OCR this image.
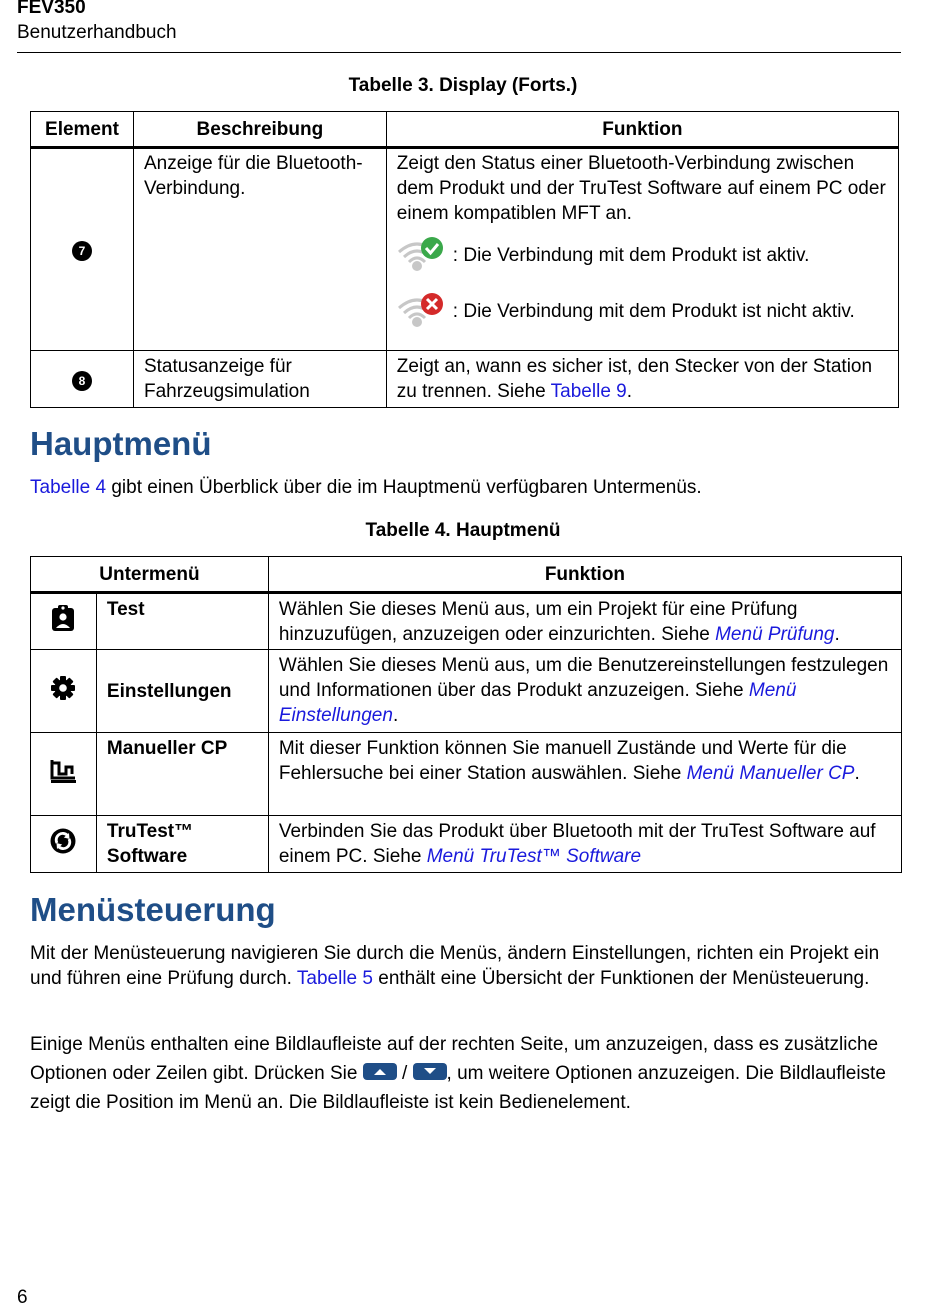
FEV350
Benutzerhandbuch
Tabelle 3. Display (Forts.)
Element	Beschreibung	Funktion
7	Anzeige für die Bluetooth-Verbindung.	Zeigt den Status einer Bluetooth-Verbindung zwischen dem Produkt und der TruTest Software auf einem PC oder einem kompatiblen MFT an.
: Die Verbindung mit dem Produkt ist aktiv.
: Die Verbindung mit dem Produkt ist nicht aktiv.

8	Statusanzeige für Fahrzeugsimulation	Zeigt an, wann es sicher ist, den Stecker von der Station zu trennen. Siehe Tabelle 9.
Hauptmenü

Tabelle 4 gibt einen Überblick über die im Hauptmenü verfügbaren Untermenüs.

Tabelle 4. Hauptmenü
Untermenü		Funktion
	Test	Wählen Sie dieses Menü aus, um ein Projekt für eine Prüfung hinzuzufügen, anzuzeigen oder einzurichten. Siehe Menü Prüfung.
	Einstellungen	Wählen Sie dieses Menü aus, um die Benutzereinstellungen festzulegen und Informationen über das Produkt anzuzeigen. Siehe Menü Einstellungen.
	Manueller CP	Mit dieser Funktion können Sie manuell Zustände und Werte für die Fehlersuche bei einer Station auswählen. Siehe Menü Manueller CP.
	TruTest™ Software	Verbinden Sie das Produkt über Bluetooth mit der TruTest Software auf einem PC. Siehe Menü TruTest™ Software
Menüsteuerung

Mit der Menüsteuerung navigieren Sie durch die Menüs, ändern Einstellungen, richten ein Projekt ein und führen eine Prüfung durch. Tabelle 5 enthält eine Übersicht der Funktionen der Menüsteuerung.

Einige Menüs enthalten eine Bildlaufleiste auf der rechten Seite, um anzuzeigen, dass es zusätzliche Optionen oder Zeilen gibt. Drücken Sie
/
, um weitere Optionen anzuzeigen. Die Bildlaufleiste zeigt die Position im Menü an. Die Bildlaufleiste ist kein Bedienelement.

6
